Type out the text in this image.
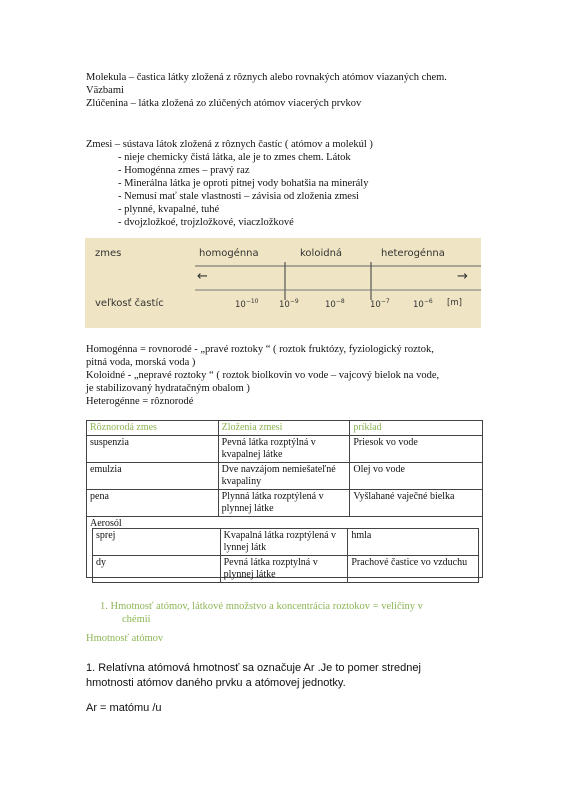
Molekula – častica látky zložená z rôznych alebo rovnakých atómov viazaných chem.
Väzbami
Zlúčenina – látka zložená zo zlúčených atómov viacerých prvkov
Zmesi – sústava látok zložená z rôznych častíc ( atómov a molekúl )
- nieje chemicky čistá látka, ale je to zmes chem. Látok
- Homogénna zmes – pravý raz
- Minerálna látka je oproti pitnej vody bohatšia na minerály
- Nemusí mať stale vlastnosti – závisia od zloženia zmesi
- plynné, kvapalné, tuhé
- dvojzložkoé, trojzložkové, viaczložkové
zmes	homogénna	koloidná	heterogénna
←	→
veľkosť častíc	$10^{-10}$ $10^{-9}$	$10^{-8}$	$10^{-7}$	$10^{-6}$ [m]
Homogénna = rovnorodé - „pravé roztoky “ ( roztok fruktózy, fyziologický roztok,
pitná voda, morská voda )
Koloidné - „nepravé roztoky “ ( roztok biolkovín vo vode – vajcový bielok na vode,
je stabilizovaný hydratačným obalom )
Heterogénne = rôznorodé
Rôznorodá zmes	Zloženia zmesi	príklad
suspenzia	Pevná látka rozptýlná v kvapalnej látke	Priesok vo vode
emulzia	Dve navzájom nemiešateľné kvapaliny	Olej vo vode
pena	Plynná látka rozptýlená v plynnej látke	Vyšlahané vaječné bielka
Aerosól		
sprej	Kvapalná látka rozptýlená v lynnej látk	hmla
dy	Pevná látka rozptylná v plynnej látke	Prachové častice vo vzduchu
1. Hmotnosť atómov, látkové množstvo a koncentrácia roztokov = veličiny v
chémii
Hmotnosť atómov
1. Relatívna atómová hmotnosť sa označuje Ar .Je to pomer strednej
hmotnosti atómov daného prvku a atómovej jednotky.
Ar = matómu /u
